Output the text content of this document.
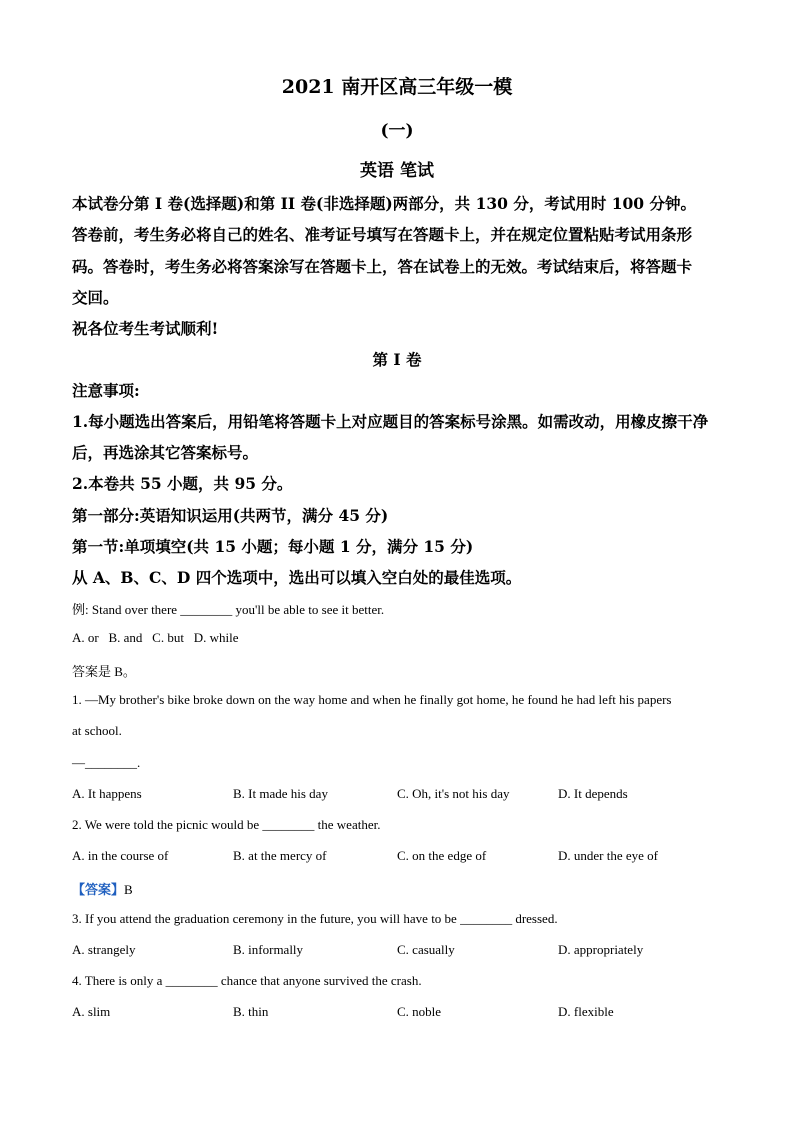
2021 南开区高三年级一模
(一)
英语 笔试
本试卷分第 I 卷(选择题)和第 II 卷(非选择题)两部分，共 130 分，考试用时 100 分钟。
答卷前，考生务必将自己的姓名、准考证号填写在答题卡上，并在规定位置粘贴考试用条形
码。答卷时，考生务必将答案涂写在答题卡上，答在试卷上的无效。考试结束后，将答题卡
交回。
祝各位考生考试顺利!
第 I 卷
注意事项:
1.每小题选出答案后，用铅笔将答题卡上对应题目的答案标号涂黑。如需改动，用橡皮擦干净
后，再选涂其它答案标号。
2.本卷共 55 小题，共 95 分。
第一部分:英语知识运用(共两节，满分 45 分)
第一节:单项填空(共 15 小题；每小题 1 分，满分 15 分)
从 A、B、C、D 四个选项中，选出可以填入空白处的最佳选项。
例: Stand over there ________ you'll be able to see it better.
A. or   B. and   C. but   D. while
答案是 B。
1. —My brother's bike broke down on the way home and when he finally got home, he found he had left his papers
at school.
—________.
A. It happens	B. It made his day	C. Oh, it's not his day	D. It depends
2. We were told the picnic would be ________ the weather.
A. in the course of	B. at the mercy of	C. on the edge of	D. under the eye of
【答案】B
3. If you attend the graduation ceremony in the future, you will have to be ________ dressed.
A. strangely	B. informally	C. casually	D. appropriately
4. There is only a ________ chance that anyone survived the crash.
A. slim	B. thin	C. noble	D. flexible
